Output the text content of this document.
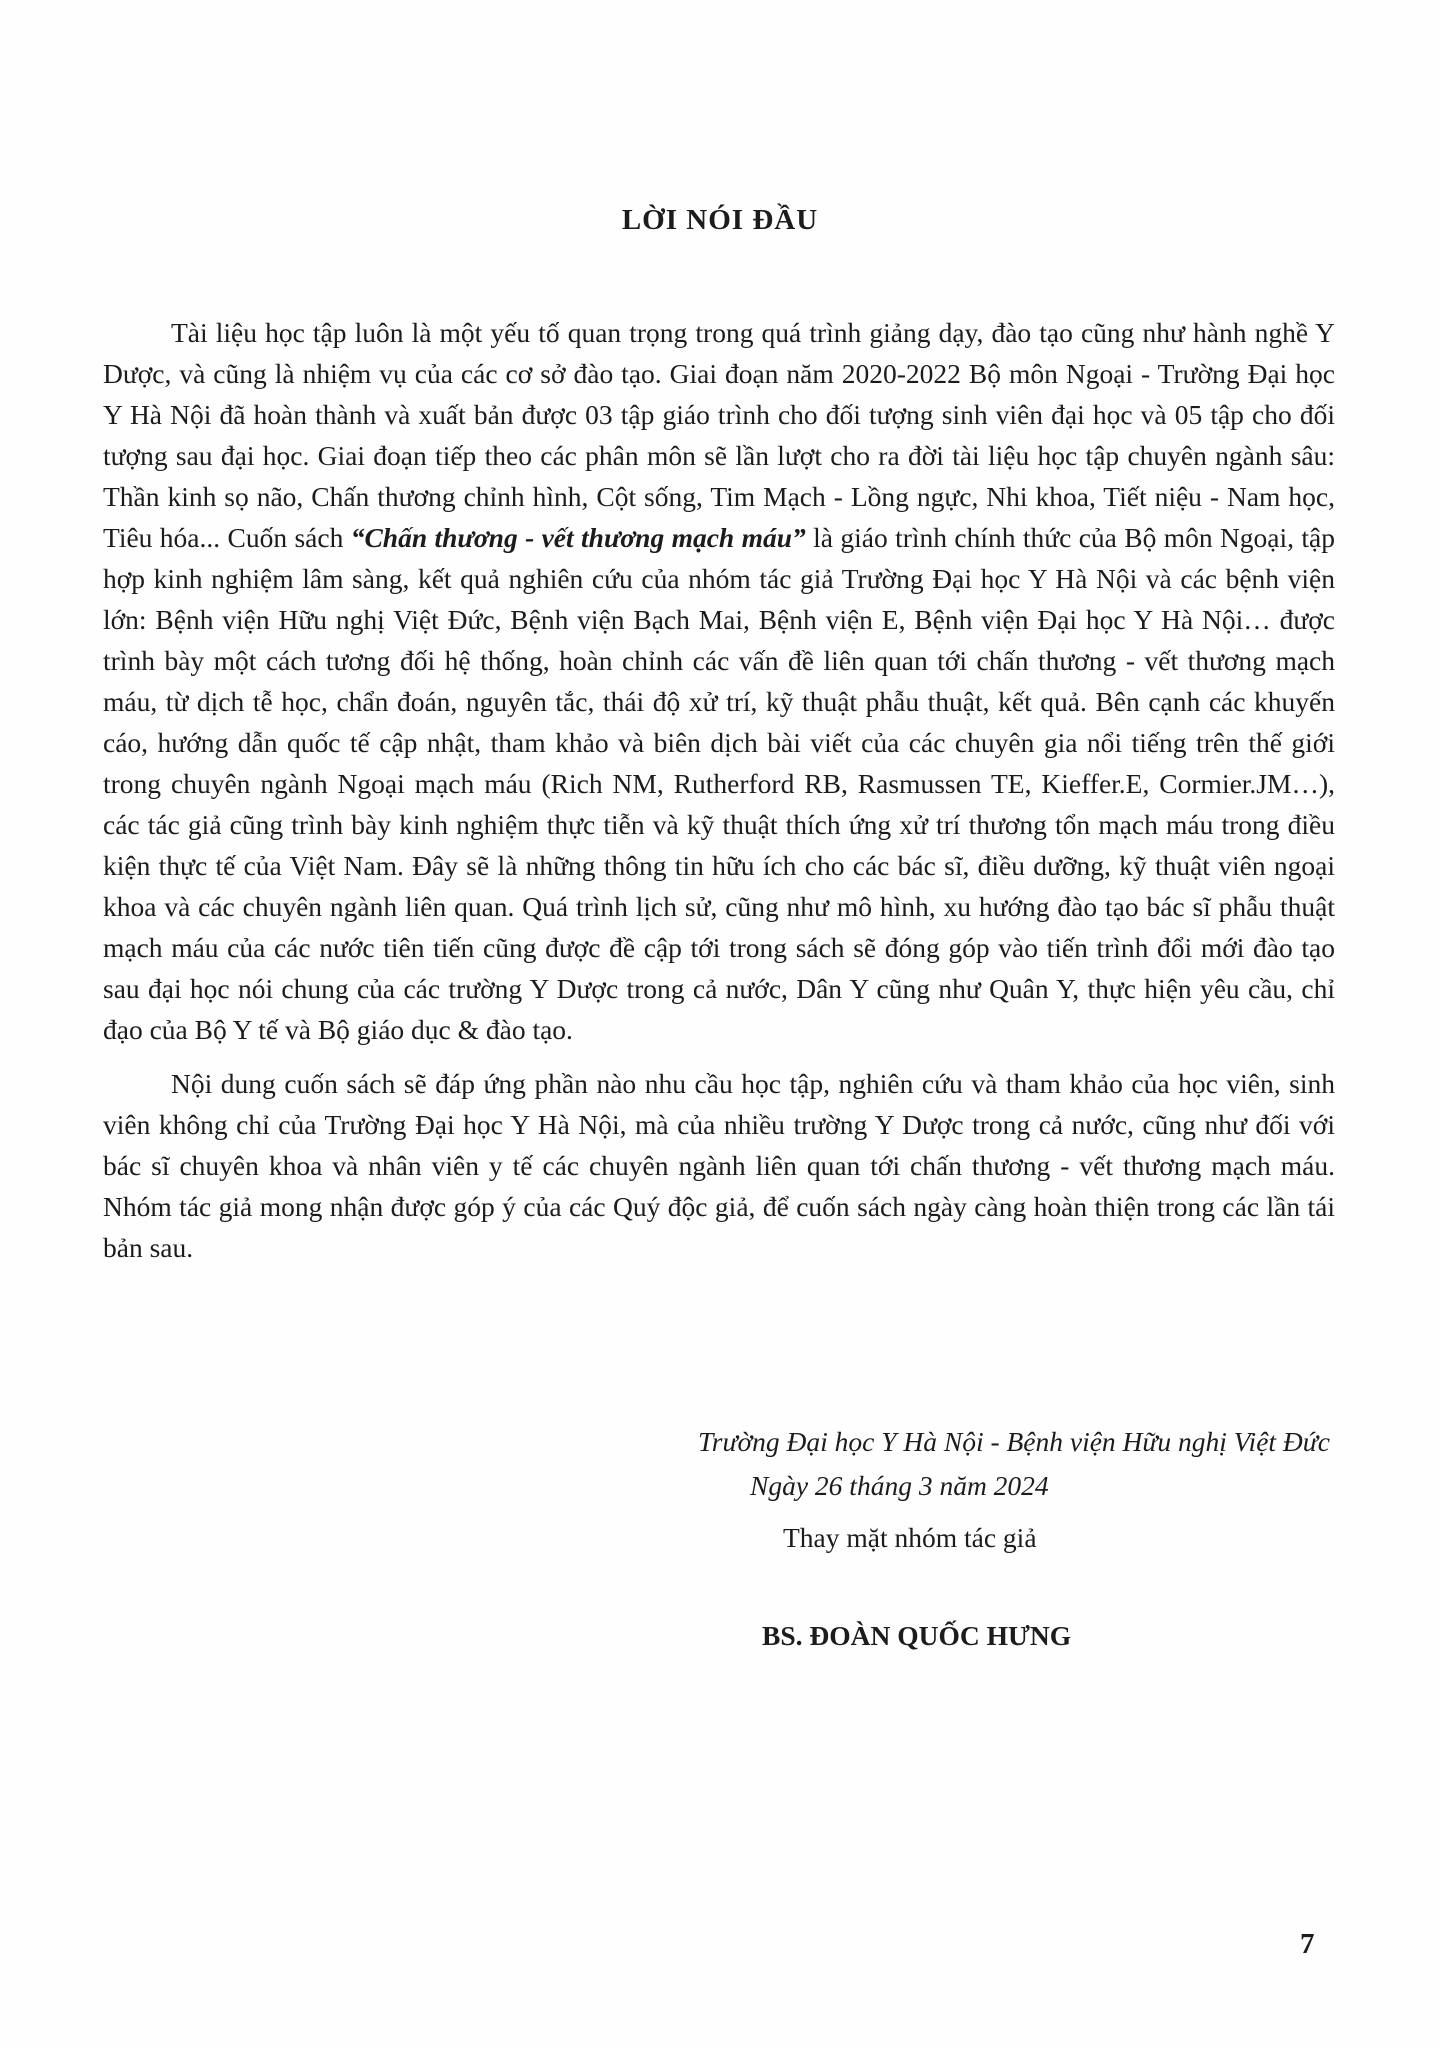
LỜI NÓI ĐẦU

Tài liệu học tập luôn là một yếu tố quan trọng trong quá trình giảng dạy, đào tạo cũng như hành nghề Y Dược, và cũng là nhiệm vụ của các cơ sở đào tạo. Giai đoạn năm 2020-2022 Bộ môn Ngoại - Trường Đại học Y Hà Nội đã hoàn thành và xuất bản được 03 tập giáo trình cho đối tượng sinh viên đại học và 05 tập cho đối tượng sau đại học. Giai đoạn tiếp theo các phân môn sẽ lần lượt cho ra đời tài liệu học tập chuyên ngành sâu: Thần kinh sọ não, Chấn thương chỉnh hình, Cột sống, Tim Mạch - Lồng ngực, Nhi khoa, Tiết niệu - Nam học, Tiêu hóa... Cuốn sách “Chấn thương - vết thương mạch máu” là giáo trình chính thức của Bộ môn Ngoại, tập hợp kinh nghiệm lâm sàng, kết quả nghiên cứu của nhóm tác giả Trường Đại học Y Hà Nội và các bệnh viện lớn: Bệnh viện Hữu nghị Việt Đức, Bệnh viện Bạch Mai, Bệnh viện E, Bệnh viện Đại học Y Hà Nội… được trình bày một cách tương đối hệ thống, hoàn chỉnh các vấn đề liên quan tới chấn thương - vết thương mạch máu, từ dịch tễ học, chẩn đoán, nguyên tắc, thái độ xử trí, kỹ thuật phẫu thuật, kết quả. Bên cạnh các khuyến cáo, hướng dẫn quốc tế cập nhật, tham khảo và biên dịch bài viết của các chuyên gia nổi tiếng trên thế giới trong chuyên ngành Ngoại mạch máu (Rich NM, Rutherford RB, Rasmussen TE, Kieffer.E, Cormier.JM…), các tác giả cũng trình bày kinh nghiệm thực tiễn và kỹ thuật thích ứng xử trí thương tổn mạch máu trong điều kiện thực tế của Việt Nam. Đây sẽ là những thông tin hữu ích cho các bác sĩ, điều dưỡng, kỹ thuật viên ngoại khoa và các chuyên ngành liên quan. Quá trình lịch sử, cũng như mô hình, xu hướng đào tạo bác sĩ phẫu thuật mạch máu của các nước tiên tiến cũng được đề cập tới trong sách sẽ đóng góp vào tiến trình đổi mới đào tạo sau đại học nói chung của các trường Y Dược trong cả nước, Dân Y cũng như Quân Y, thực hiện yêu cầu, chỉ đạo của Bộ Y tế và Bộ giáo dục & đào tạo.

Nội dung cuốn sách sẽ đáp ứng phần nào nhu cầu học tập, nghiên cứu và tham khảo của học viên, sinh viên không chỉ của Trường Đại học Y Hà Nội, mà của nhiều trường Y Dược trong cả nước, cũng như đối với bác sĩ chuyên khoa và nhân viên y tế các chuyên ngành liên quan tới chấn thương - vết thương mạch máu. Nhóm tác giả mong nhận được góp ý của các Quý độc giả, để cuốn sách ngày càng hoàn thiện trong các lần tái bản sau.

Trường Đại học Y Hà Nội - Bệnh viện Hữu nghị Việt Đức
Ngày 26 tháng 3 năm 2024
Thay mặt nhóm tác giả
BS. ĐOÀN QUỐC HƯNG
7
